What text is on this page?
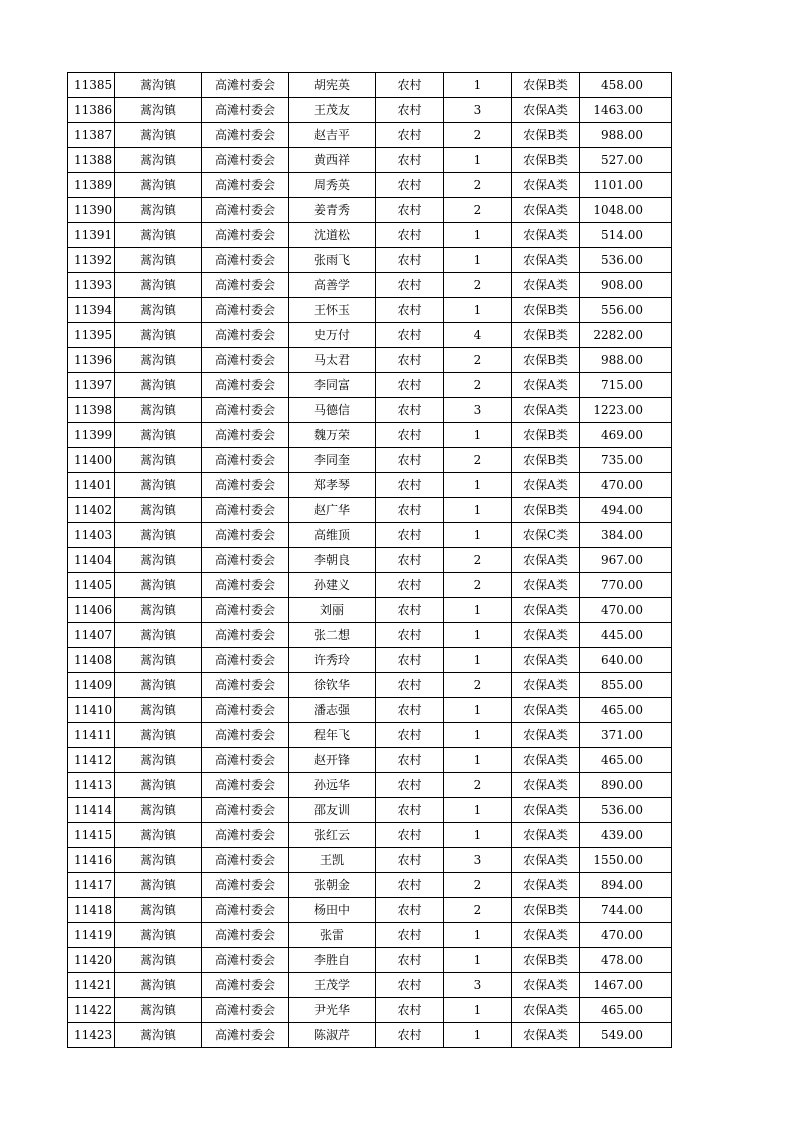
11385	蒿沟镇	高滩村委会	胡宪英	农村	1	农保B类	458.00
11386	蒿沟镇	高滩村委会	王茂友	农村	3	农保A类	1463.00
11387	蒿沟镇	高滩村委会	赵吉平	农村	2	农保B类	988.00
11388	蒿沟镇	高滩村委会	黄西祥	农村	1	农保B类	527.00
11389	蒿沟镇	高滩村委会	周秀英	农村	2	农保A类	1101.00
11390	蒿沟镇	高滩村委会	姜青秀	农村	2	农保A类	1048.00
11391	蒿沟镇	高滩村委会	沈道松	农村	1	农保A类	514.00
11392	蒿沟镇	高滩村委会	张雨飞	农村	1	农保A类	536.00
11393	蒿沟镇	高滩村委会	高善学	农村	2	农保A类	908.00
11394	蒿沟镇	高滩村委会	王怀玉	农村	1	农保B类	556.00
11395	蒿沟镇	高滩村委会	史万付	农村	4	农保B类	2282.00
11396	蒿沟镇	高滩村委会	马太君	农村	2	农保B类	988.00
11397	蒿沟镇	高滩村委会	李同富	农村	2	农保A类	715.00
11398	蒿沟镇	高滩村委会	马德信	农村	3	农保A类	1223.00
11399	蒿沟镇	高滩村委会	魏万荣	农村	1	农保B类	469.00
11400	蒿沟镇	高滩村委会	李同奎	农村	2	农保B类	735.00
11401	蒿沟镇	高滩村委会	郑孝琴	农村	1	农保A类	470.00
11402	蒿沟镇	高滩村委会	赵广华	农村	1	农保B类	494.00
11403	蒿沟镇	高滩村委会	高维顶	农村	1	农保C类	384.00
11404	蒿沟镇	高滩村委会	李朝良	农村	2	农保A类	967.00
11405	蒿沟镇	高滩村委会	孙建义	农村	2	农保A类	770.00
11406	蒿沟镇	高滩村委会	刘丽	农村	1	农保A类	470.00
11407	蒿沟镇	高滩村委会	张二想	农村	1	农保A类	445.00
11408	蒿沟镇	高滩村委会	许秀玲	农村	1	农保A类	640.00
11409	蒿沟镇	高滩村委会	徐钦华	农村	2	农保A类	855.00
11410	蒿沟镇	高滩村委会	潘志强	农村	1	农保A类	465.00
11411	蒿沟镇	高滩村委会	程年飞	农村	1	农保A类	371.00
11412	蒿沟镇	高滩村委会	赵开锋	农村	1	农保A类	465.00
11413	蒿沟镇	高滩村委会	孙远华	农村	2	农保A类	890.00
11414	蒿沟镇	高滩村委会	邵友训	农村	1	农保A类	536.00
11415	蒿沟镇	高滩村委会	张红云	农村	1	农保A类	439.00
11416	蒿沟镇	高滩村委会	王凯	农村	3	农保A类	1550.00
11417	蒿沟镇	高滩村委会	张朝金	农村	2	农保A类	894.00
11418	蒿沟镇	高滩村委会	杨田中	农村	2	农保B类	744.00
11419	蒿沟镇	高滩村委会	张雷	农村	1	农保A类	470.00
11420	蒿沟镇	高滩村委会	李胜自	农村	1	农保B类	478.00
11421	蒿沟镇	高滩村委会	王茂学	农村	3	农保A类	1467.00
11422	蒿沟镇	高滩村委会	尹光华	农村	1	农保A类	465.00
11423	蒿沟镇	高滩村委会	陈淑芹	农村	1	农保A类	549.00
